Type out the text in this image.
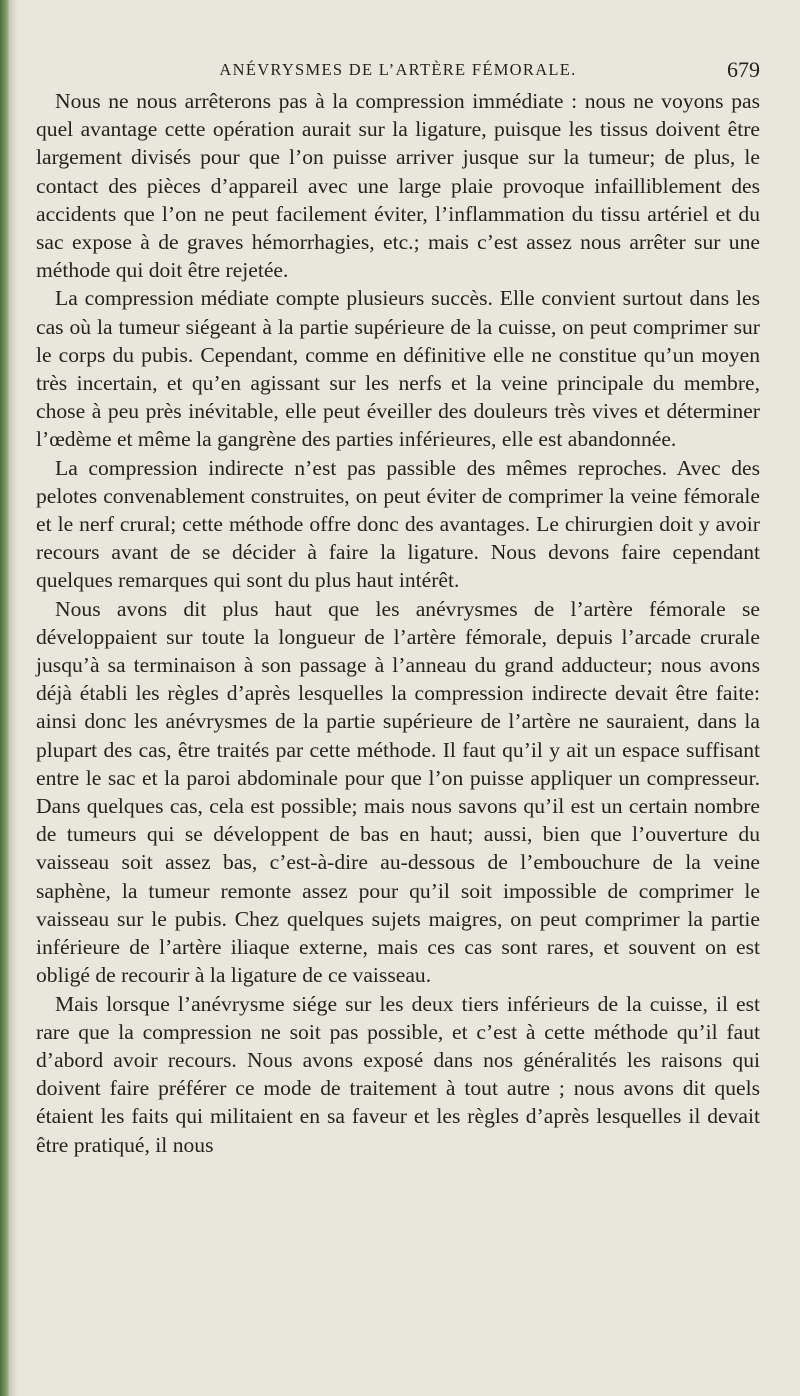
ANÉVRYSMES DE L’ARTÈRE FÉMORALE.	679

Nous ne nous arrêterons pas à la compression immédiate : nous ne voyons pas quel avantage cette opération aurait sur la ligature, puisque les tissus doivent être largement divisés pour que l’on puisse arriver jusque sur la tumeur; de plus, le contact des pièces d’appareil avec une large plaie provoque infailliblement des accidents que l’on ne peut facilement éviter, l’inflammation du tissu artériel et du sac expose à de graves hémorrhagies, etc.; mais c’est assez nous arrêter sur une méthode qui doit être rejetée.

La compression médiate compte plusieurs succès. Elle convient surtout dans les cas où la tumeur siégeant à la partie supérieure de la cuisse, on peut comprimer sur le corps du pubis. Cependant, comme en définitive elle ne constitue qu’un moyen très incertain, et qu’en agissant sur les nerfs et la veine principale du membre, chose à peu près inévitable, elle peut éveiller des douleurs très vives et déterminer l’œdème et même la gangrène des parties inférieures, elle est abandonnée.

La compression indirecte n’est pas passible des mêmes reproches. Avec des pelotes convenablement construites, on peut éviter de comprimer la veine fémorale et le nerf crural; cette méthode offre donc des avantages. Le chirurgien doit y avoir recours avant de se décider à faire la ligature. Nous devons faire cependant quelques remarques qui sont du plus haut intérêt.

Nous avons dit plus haut que les anévrysmes de l’artère fémorale se développaient sur toute la longueur de l’artère fémorale, depuis l’arcade crurale jusqu’à sa terminaison à son passage à l’anneau du grand adducteur; nous avons déjà établi les règles d’après lesquelles la compression indirecte devait être faite: ainsi donc les anévrysmes de la partie supérieure de l’artère ne sauraient, dans la plupart des cas, être traités par cette méthode. Il faut qu’il y ait un espace suffisant entre le sac et la paroi abdominale pour que l’on puisse appliquer un compresseur. Dans quelques cas, cela est possible; mais nous savons qu’il est un certain nombre de tumeurs qui se développent de bas en haut; aussi, bien que l’ouverture du vaisseau soit assez bas, c’est-à-dire au-dessous de l’embouchure de la veine saphène, la tumeur remonte assez pour qu’il soit impossible de comprimer le vaisseau sur le pubis. Chez quelques sujets maigres, on peut comprimer la partie inférieure de l’artère iliaque externe, mais ces cas sont rares, et souvent on est obligé de recourir à la ligature de ce vaisseau.

Mais lorsque l’anévrysme siége sur les deux tiers inférieurs de la cuisse, il est rare que la compression ne soit pas possible, et c’est à cette méthode qu’il faut d’abord avoir recours. Nous avons exposé dans nos généralités les raisons qui doivent faire préférer ce mode de traitement à tout autre ; nous avons dit quels étaient les faits qui militaient en sa faveur et les règles d’après lesquelles il devait être pratiqué, il nous
